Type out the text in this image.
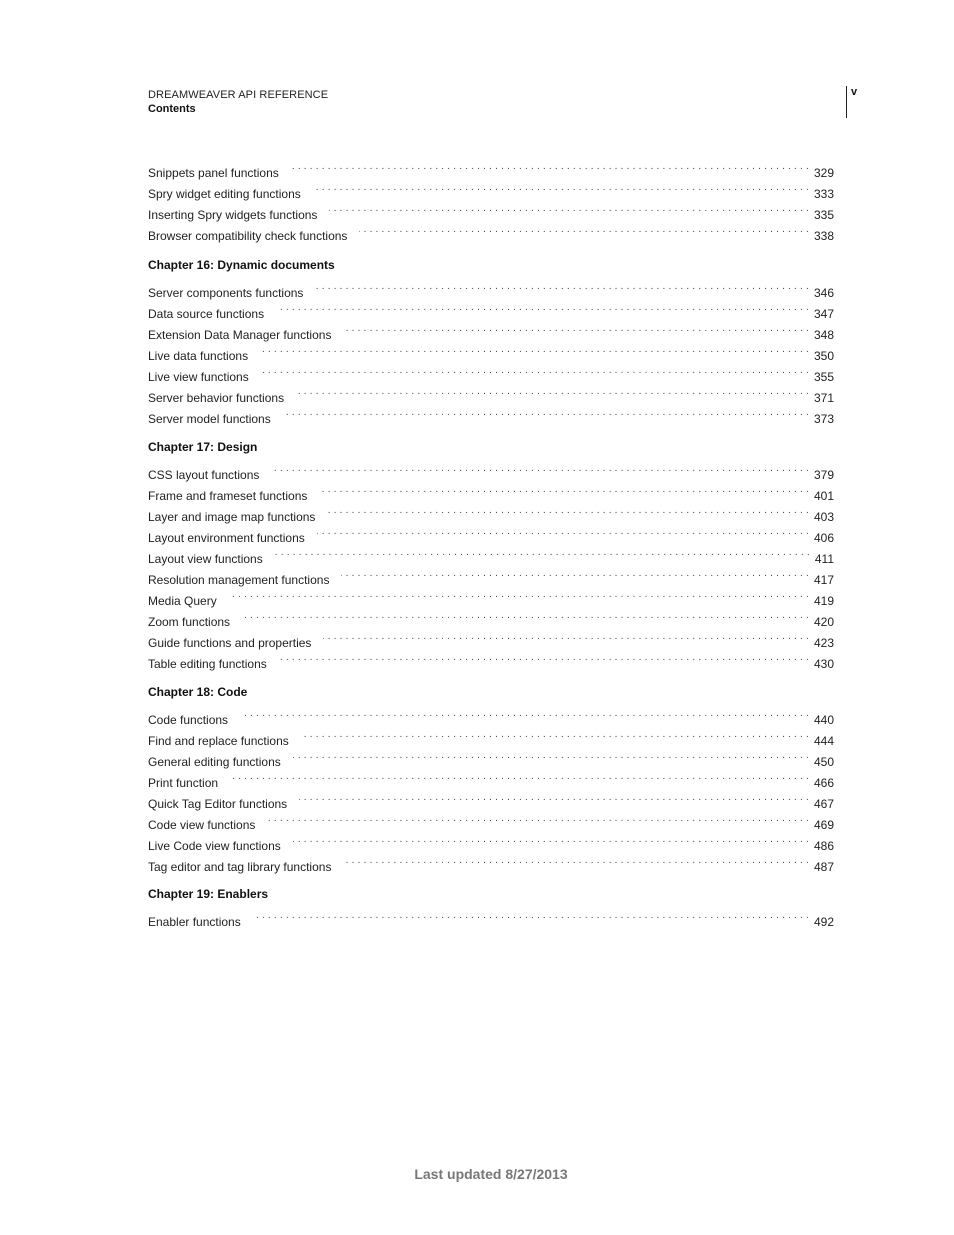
DREAMWEAVER API REFERENCE
Contents
v
Snippets panel functions .....	329
Spry widget editing functions .....	333
Inserting Spry widgets functions .....	335
Browser compatibility check functions .....	338
Chapter 16: Dynamic documents
Server components functions .....	346
Data source functions .....	347
Extension Data Manager functions .....	348
Live data functions .....	350
Live view functions .....	355
Server behavior functions .....	371
Server model functions .....	373
Chapter 17: Design
CSS layout functions .....	379
Frame and frameset functions .....	401
Layer and image map functions .....	403
Layout environment functions .....	406
Layout view functions .....	411
Resolution management functions .....	417
Media Query .....	419
Zoom functions .....	420
Guide functions and properties .....	423
Table editing functions .....	430
Chapter 18: Code
Code functions .....	440
Find and replace functions .....	444
General editing functions .....	450
Print function .....	466
Quick Tag Editor functions .....	467
Code view functions .....	469
Live Code view functions .....	486
Tag editor and tag library functions .....	487
Chapter 19: Enablers
Enabler functions .....	492
Last updated 8/27/2013
